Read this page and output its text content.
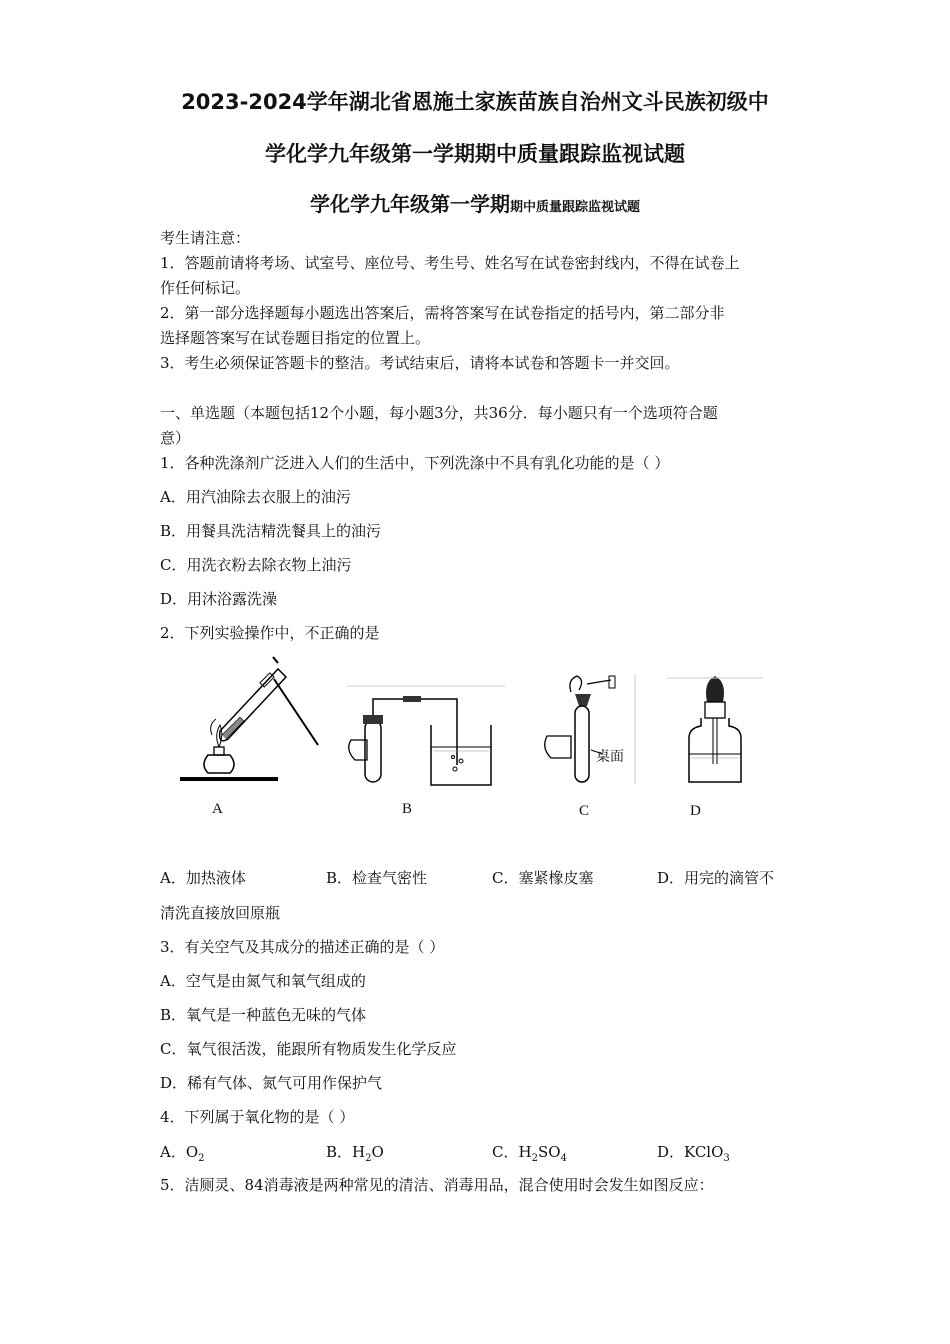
2023-2024学年湖北省恩施土家族苗族自治州文斗民族初级中
学化学九年级第一学期期中质量跟踪监视试题
学化学九年级第一学期期中质量跟踪监视试题
考生请注意：
1．答题前请将考场、试室号、座位号、考生号、姓名写在试卷密封线内，不得在试卷上
作任何标记。
2．第一部分选择题每小题选出答案后，需将答案写在试卷指定的括号内，第二部分非
选择题答案写在试卷题目指定的位置上。
3．考生必须保证答题卡的整洁。考试结束后，请将本试卷和答题卡一并交回。
一、单选题（本题包括12个小题，每小题3分，共36分．每小题只有一个选项符合题
意）
1．各种洗涤剂广泛进入人们的生活中，下列洗涤中不具有乳化功能的是（ ）
A．用汽油除去衣服上的油污
B．用餐具洗洁精洗餐具上的油污
C．用洗衣粉去除衣物上油污
D．用沐浴露洗澡
2．下列实验操作中，不正确的是
A	B
桌面
C	D
A．加热液体	B．检查气密性	C．塞紧橡皮塞	D．用完的滴管不
清洗直接放回原瓶
3．有关空气及其成分的描述正确的是（ ）
A．空气是由氮气和氧气组成的
B．氧气是一种蓝色无味的气体
C．氧气很活泼，能跟所有物质发生化学反应
D．稀有气体、氮气可用作保护气
4．下列属于氧化物的是（ ）
A．$O_2$	B．$H_2O$	C．$H_2SO_4$	D．KClO$_3$
5．洁厕灵、84消毒液是两种常见的清洁、消毒用品，混合使用时会发生如图反应：
